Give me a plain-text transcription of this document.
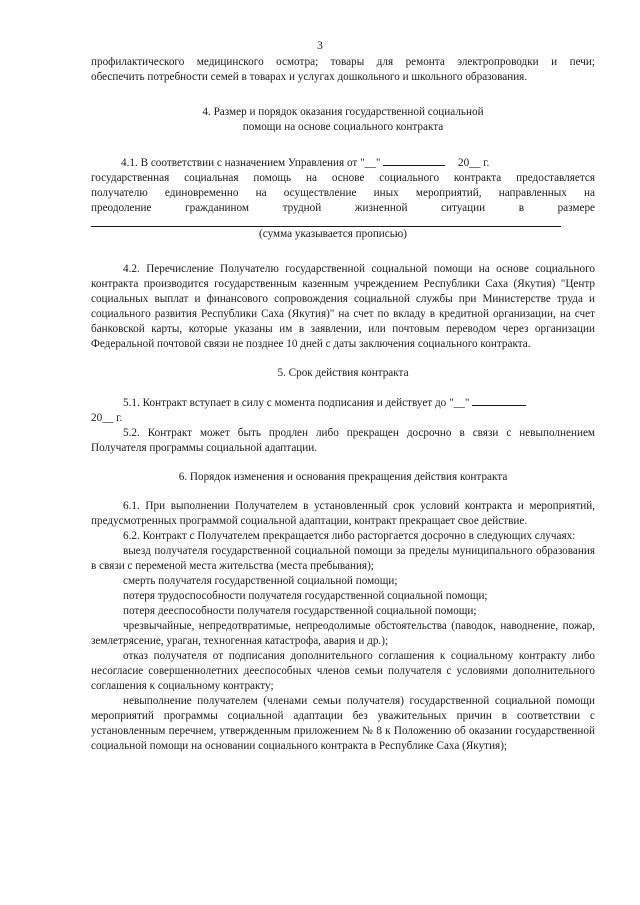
3

профилактического медицинского осмотра; товары для ремонта электропроводки и печи;

обеспечить потребности семей в товарах и услугах дошкольного и школьного образования.

4. Размер и порядок оказания государственной социальной

помощи на основе социального контракта

4.1. В соответствии с назначением Управления от "__"	20__ г.

государственная социальная помощь на основе социального контракта предоставляется

получателю единовременно на осуществление иных мероприятий, направленных на

преодоление гражданином трудной жизненной ситуации в размере

(сумма указывается прописью)

4.2. Перечисление Получателю государственной социальной помощи на основе социального контракта производится государственным казенным учреждением Республики Саха (Якутия) "Центр социальных выплат и финансового сопровождения социальной службы при Министерстве труда и социального развития Республики Саха (Якутия)" на счет по вкладу в кредитной организации, на счет банковской карты, которые указаны им в заявлении, или почтовым переводом через организации Федеральной почтовой связи не позднее 10 дней с даты заключения социального контракта.

5. Срок действия контракта

5.1. Контракт вступает в силу с момента подписания и действует до "__"

20__ г.

5.2. Контракт может быть продлен либо прекращен досрочно в связи с невыполнением Получателя программы социальной адаптации.

6. Порядок изменения и основания прекращения действия контракта

6.1. При выполнении Получателем в установленный срок условий контракта и мероприятий, предусмотренных программой социальной адаптации, контракт прекращает свое действие.

6.2. Контракт с Получателем прекращается либо расторгается досрочно в следующих случаях:

выезд получателя государственной социальной помощи за пределы муниципального образования в связи с переменой места жительства (места пребывания);

смерть получателя государственной социальной помощи;

потеря трудоспособности получателя государственной социальной помощи;

потеря дееспособности получателя государственной социальной помощи;

чрезвычайные, непредотвратимые, непреодолимые обстоятельства (паводок, наводнение, пожар, землетрясение, ураган, техногенная катастрофа, авария и др.);

отказ получателя от подписания дополнительного соглашения к социальному контракту либо несогласие совершеннолетних дееспособных членов семьи получателя с условиями дополнительного соглашения к социальному контракту;

невыполнение получателем (членами семьи получателя) государственной социальной помощи мероприятий программы социальной адаптации без уважительных причин в соответствии с установленным перечнем, утвержденным приложением № 8 к Положению об оказании государственной социальной помощи на основании социального контракта в Республике Саха (Якутия);
